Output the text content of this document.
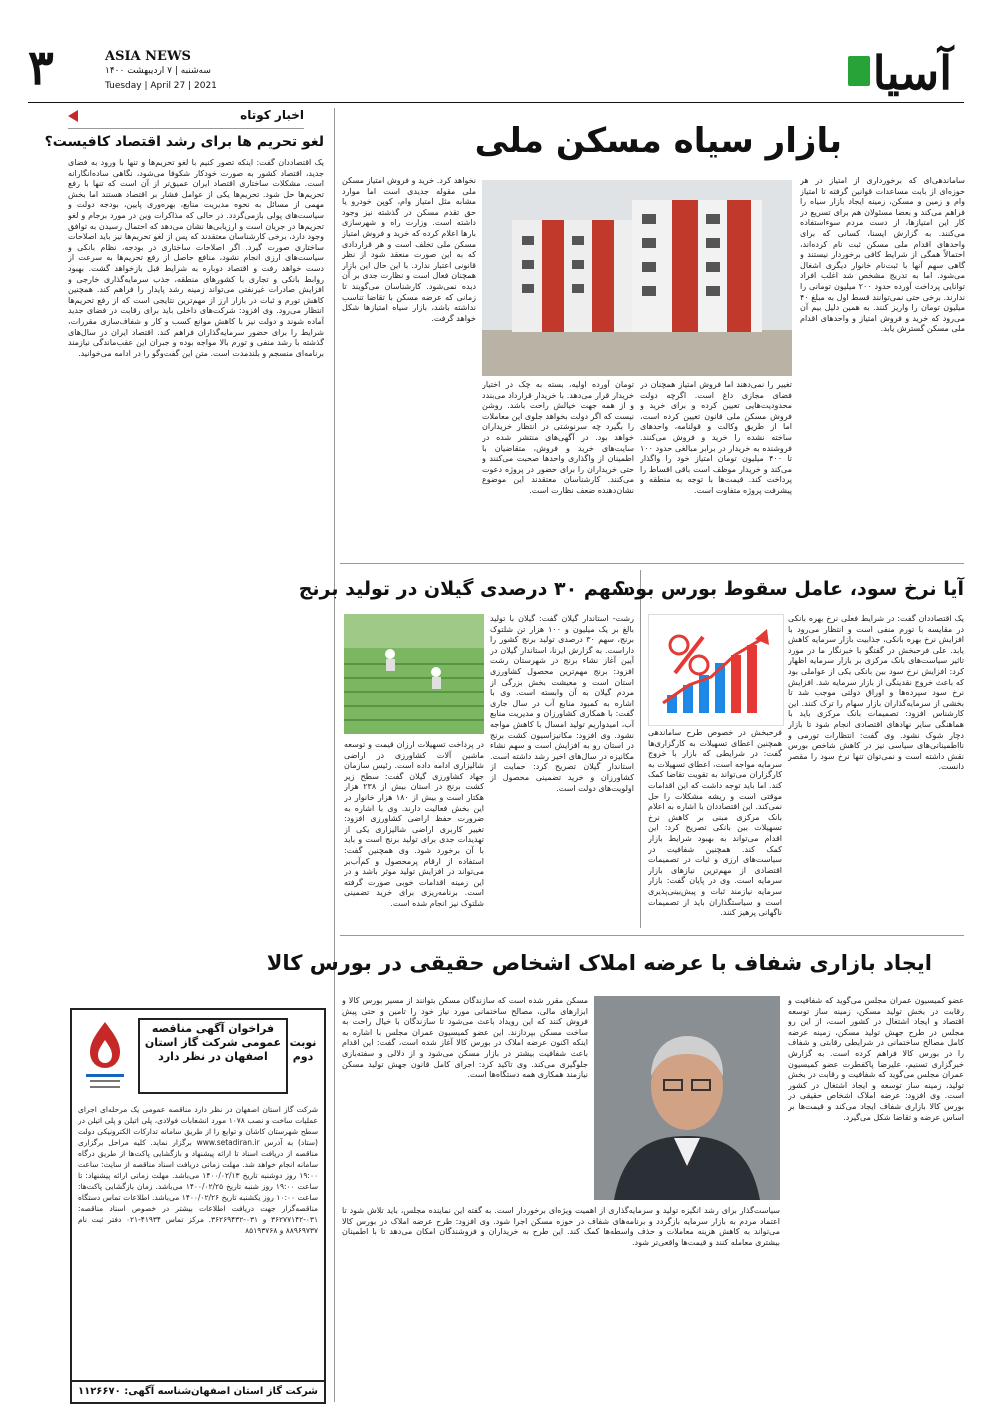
۳	ASIA NEWS
سه‌شنبه | ۷ اردیبهشت ۱۴۰۰
Tuesday | April 27 | 2021	آسیا
اخبار کوتاه
لغو تحریم ها برای رشد اقتصاد کافیست؟
یک اقتصاددان گفت: اینکه تصور کنیم با لغو تحریم‌ها و تنها با ورود به فضای جدید، اقتصاد کشور به صورت خودکار شکوفا می‌شود، نگاهی ساده‌انگارانه است. مشکلات ساختاری اقتصاد ایران عمیق‌تر از آن است که تنها با رفع تحریم‌ها حل شود. تحریم‌ها یکی از عوامل فشار بر اقتصاد هستند اما بخش مهمی از مسائل به نحوه مدیریت منابع، بهره‌وری پایین، بودجه دولت و سیاست‌های پولی بازمی‌گردد. در حالی که مذاکرات وین در مورد برجام و لغو تحریم‌ها در جریان است و ارزیابی‌ها نشان می‌دهد که احتمال رسیدن به توافق وجود دارد، برخی کارشناسان معتقدند که پس از لغو تحریم‌ها نیز باید اصلاحات ساختاری صورت گیرد. اگر اصلاحات ساختاری در بودجه، نظام بانکی و سیاست‌های ارزی انجام نشود، منافع حاصل از رفع تحریم‌ها به سرعت از دست خواهد رفت و اقتصاد دوباره به شرایط قبل بازخواهد گشت. بهبود روابط بانکی و تجاری با کشورهای منطقه، جذب سرمایه‌گذاری خارجی و افزایش صادرات غیرنفتی می‌تواند زمینه رشد پایدار را فراهم کند. همچنین کاهش تورم و ثبات در بازار ارز از مهم‌ترین نتایجی است که از رفع تحریم‌ها انتظار می‌رود. وی افزود: شرکت‌های داخلی باید برای رقابت در فضای جدید آماده شوند و دولت نیز با کاهش موانع کسب و کار و شفاف‌سازی مقررات، شرایط را برای حضور سرمایه‌گذاران فراهم کند. اقتصاد ایران در سال‌های گذشته با رشد منفی و تورم بالا مواجه بوده و جبران این عقب‌ماندگی نیازمند برنامه‌ای منسجم و بلندمدت است. متن این گفت‌وگو را در ادامه می‌خوانید.
فراخوان آگهی مناقصه عمومی شرکت گاز استان اصفهان در نظر دارد
نوبت دوم
شرکت گاز استان اصفهان در نظر دارد مناقصه عمومی یک مرحله‌ای اجرای عملیات ساخت و نصب ۱۰۷۸ مورد انشعابات فولادی، پلی اتیلن و پلی اتیلن در سطح شهرستان کاشان و توابع را از طریق سامانه تدارکات الکترونیکی دولت (ستاد) به آدرس www.setadiran.ir برگزار نماید. کلیه مراحل برگزاری مناقصه از دریافت اسناد تا ارائه پیشنهاد و بازگشایی پاکت‌ها از طریق درگاه سامانه انجام خواهد شد. مهلت زمانی دریافت اسناد مناقصه از سایت: ساعت ۱۹:۰۰ روز دوشنبه تاریخ ۱۴۰۰/۰۲/۱۳ می‌باشد. مهلت زمانی ارائه پیشنهاد: تا ساعت ۱۹:۰۰ روز شنبه تاریخ ۱۴۰۰/۰۲/۲۵ می‌باشد. زمان بازگشایی پاکت‌ها: ساعت ۱۰:۰۰ روز یکشنبه تاریخ ۱۴۰۰/۰۲/۲۶ می‌باشد. اطلاعات تماس دستگاه مناقصه‌گزار جهت دریافت اطلاعات بیشتر در خصوص اسناد مناقصه: ۰۳۱-۳۶۲۷۷۱۴۲ و ۰۳۱-۳۶۲۶۹۴۳۲. مرکز تماس ۴۱۹۳۴-۰۲۱ دفتر ثبت نام ۸۸۹۶۹۷۳۷ و ۸۵۱۹۳۷۶۸
شرکت گاز استان اصفهان
شناسه آگهی: ۱۱۲۶۶۷۰
بازار سیاه مسکن ملی
ساماندهی‌ای که برخورداری از امتیاز در هر حوزه‌ای از بابت مساعدات قوانین گرفته تا امتیاز وام و زمین و مسکن، زمینه ایجاد بازار سیاه را فراهم می‌کند و بعضا مسئولان هم برای تسریع در کار این امتیازها، از دست مردم سوءاستفاده می‌کنند. به گزارش ایسنا، کسانی که برای واحدهای اقدام ملی مسکن ثبت نام کرده‌اند، احتمالاً همگی از شرایط کافی برخوردار نیستند و گاهی سهم آنها با ثبت‌نام خانوار دیگری اشغال می‌شود. اما به تدریج مشخص شد اغلب افراد توانایی پرداخت آورده حدود ۲۰۰ میلیون تومانی را ندارند. برخی حتی نمی‌توانند قسط اول به مبلغ ۴۰ میلیون تومان را واریز کنند. به همین دلیل بیم آن می‌رود که خرید و فروش امتیاز و واحدهای اقدام ملی مسکن گسترش یابد.
تغییر را نمی‌دهند اما فروش امتیاز همچنان در فضای مجازی داغ است. اگرچه دولت محدودیت‌هایی تعیین کرده و برای خرید و فروش مسکن ملی قانون تعیین کرده است، اما از طریق وکالت و قولنامه، واحدهای ساخته نشده را خرید و فروش می‌کنند. فروشنده به خریدار در برابر مبالغی حدود ۱۰۰ تا ۴۰۰ میلیون تومان امتیاز خود را واگذار می‌کند و خریدار موظف است باقی اقساط را پرداخت کند. قیمت‌ها با توجه به منطقه و پیشرفت پروژه متفاوت است.
تومان آورده اولیه، بسته به چک در اختیار خریدار قرار می‌دهد. با خریدار قرارداد می‌بندد و از همه جهت خیالش راحت باشد. روشن نیست که اگر دولت بخواهد جلوی این معاملات را بگیرد چه سرنوشتی در انتظار خریداران خواهد بود. در آگهی‌های منتشر شده در سایت‌های خرید و فروش، متقاضیان با اطمینان از واگذاری واحدها صحبت می‌کنند و حتی خریداران را برای حضور در پروژه دعوت می‌کنند. کارشناسان معتقدند این موضوع نشان‌دهنده ضعف نظارت است.
نخواهد کرد. خرید و فروش امتیاز مسکن ملی مقوله جدیدی است اما موارد مشابه مثل امتیاز وام، کوپن خودرو یا حق تقدم مسکن در گذشته نیز وجود داشته است. وزارت راه و شهرسازی بارها اعلام کرده که خرید و فروش امتیاز مسکن ملی تخلف است و هر قراردادی که به این صورت منعقد شود از نظر قانونی اعتبار ندارد. با این حال این بازار همچنان فعال است و نظارت جدی بر آن دیده نمی‌شود. کارشناسان می‌گویند تا زمانی که عرضه مسکن با تقاضا تناسب نداشته باشد، بازار سیاه امتیازها شکل خواهد گرفت.
آیا نرخ سود، عامل سقوط بورس بود؟
یک اقتصاددان گفت: در شرایط فعلی نرخ بهره بانکی در مقایسه با تورم منفی است و انتظار می‌رود با افزایش نرخ بهره بانکی، جذابیت بازار سرمایه کاهش یابد. علی فرحبخش در گفتگو با خبرنگار ما در مورد تاثیر سیاست‌های بانک مرکزی بر بازار سرمایه اظهار کرد: افزایش نرخ سود بین بانکی یکی از عواملی بود که باعث خروج نقدینگی از بازار سرمایه شد. افزایش نرخ سود سپرده‌ها و اوراق دولتی موجب شد تا بخشی از سرمایه‌گذاران بازار سهام را ترک کنند. این کارشناس افزود: تصمیمات بانک مرکزی باید با هماهنگی سایر نهادهای اقتصادی انجام شود تا بازار دچار شوک نشود. وی گفت: انتظارات تورمی و نااطمینانی‌های سیاسی نیز در کاهش شاخص بورس نقش داشته است و نمی‌توان تنها نرخ سود را مقصر دانست.
فرحبخش در خصوص طرح ساماندهی همچنین اعطای تسهیلات به کارگزاری‌ها گفت: در شرایطی که بازار با خروج سرمایه مواجه است، اعطای تسهیلات به کارگزاران می‌تواند به تقویت تقاضا کمک کند. اما باید توجه داشت که این اقدامات موقتی است و ریشه مشکلات را حل نمی‌کند. این اقتصاددان با اشاره به اعلام بانک مرکزی مبنی بر کاهش نرخ تسهیلات بین بانکی تصریح کرد: این اقدام می‌تواند به بهبود شرایط بازار کمک کند. همچنین شفافیت در سیاست‌های ارزی و ثبات در تصمیمات اقتصادی از مهم‌ترین نیازهای بازار سرمایه است. وی در پایان گفت: بازار سرمایه نیازمند ثبات و پیش‌بینی‌پذیری است و سیاستگذاران باید از تصمیمات ناگهانی پرهیز کنند.
سهم ۳۰ درصدی گیلان در تولید برنج
رشت- استاندار گیلان گفت: گیلان با تولید بالغ بر یک میلیون و ۱۰۰ هزار تن شلتوک برنج، سهم ۳۰ درصدی تولید برنج کشور را داراست. به گزارش ایرنا، استاندار گیلان در آیین آغاز نشاء برنج در شهرستان رشت افزود: برنج مهم‌ترین محصول کشاورزی استان است و معیشت بخش بزرگی از مردم گیلان به آن وابسته است. وی با اشاره به کمبود منابع آب در سال جاری گفت: با همکاری کشاورزان و مدیریت منابع آب، امیدواریم تولید امسال با کاهش مواجه نشود. وی افزود: مکانیزاسیون کشت برنج در استان رو به افزایش است و سهم نشاء مکانیزه در سال‌های اخیر رشد داشته است. استاندار گیلان تصریح کرد: حمایت از کشاورزان و خرید تضمینی محصول از اولویت‌های دولت است.
در پرداخت تسهیلات ارزان قیمت و توسعه ماشین آلات کشاورزی در اراضی شالیزاری ادامه داده است. رئیس سازمان جهاد کشاورزی گیلان گفت: سطح زیر کشت برنج در استان بیش از ۲۳۸ هزار هکتار است و بیش از ۱۸۰ هزار خانوار در این بخش فعالیت دارند. وی با اشاره به ضرورت حفظ اراضی کشاورزی افزود: تغییر کاربری اراضی شالیزاری یکی از تهدیدات جدی برای تولید برنج است و باید با آن برخورد شود. وی همچنین گفت: استفاده از ارقام پرمحصول و کم‌آب‌بر می‌تواند در افزایش تولید موثر باشد و در این زمینه اقدامات خوبی صورت گرفته است. برنامه‌ریزی برای خرید تضمینی شلتوک نیز انجام شده است.
ایجاد بازاری شفاف با عرضه املاک اشخاص حقیقی در بورس کالا
عضو کمیسیون عمران مجلس می‌گوید که شفافیت و رقابت در بخش تولید مسکن، زمینه ساز توسعه اقتصاد و ایجاد اشتغال در کشور است، از این رو مجلس در طرح جهش تولید مسکن، زمینه عرضه کامل مصالح ساختمانی در شرایطی رقابتی و شفاف را در بورس کالا فراهم کرده است. به گزارش خبرگزاری تسنیم، علیرضا پاکفطرت عضو کمیسیون عمران مجلس می‌گوید که شفافیت و رقابت در بخش تولید، زمینه ساز توسعه و ایجاد اشتغال در کشور است. وی افزود: عرضه املاک اشخاص حقیقی در بورس کالا بازاری شفاف ایجاد می‌کند و قیمت‌ها بر اساس عرضه و تقاضا شکل می‌گیرد.
مسکن مقرر شده است که سازندگان مسکن بتوانند از مسیر بورس کالا و ابزارهای مالی، مصالح ساختمانی مورد نیاز خود را تامین و حتی پیش فروش کنند که این رویداد باعث می‌شود تا سازندگان با خیال راحت به ساخت مسکن بپردازند. این عضو کمیسیون عمران مجلس با اشاره به اینکه اکنون عرضه املاک در بورس کالا آغاز شده است، گفت: این اقدام باعث شفافیت بیشتر در بازار مسکن می‌شود و از دلالی و سفته‌بازی جلوگیری می‌کند. وی تاکید کرد: اجرای کامل قانون جهش تولید مسکن نیازمند همکاری همه دستگاه‌ها است.
سیاست‌گذار برای رشد انگیزه تولید و سرمایه‌گذاری از اهمیت ویژه‌ای برخوردار است. به گفته این نماینده مجلس، باید تلاش شود تا اعتماد مردم به بازار سرمایه بازگردد و برنامه‌های شفاف در حوزه مسکن اجرا شود. وی افزود: طرح عرضه املاک در بورس کالا می‌تواند به کاهش هزینه معاملات و حذف واسطه‌ها کمک کند. این طرح به خریداران و فروشندگان امکان می‌دهد تا با اطمینان بیشتری معامله کنند و قیمت‌ها واقعی‌تر شود.
